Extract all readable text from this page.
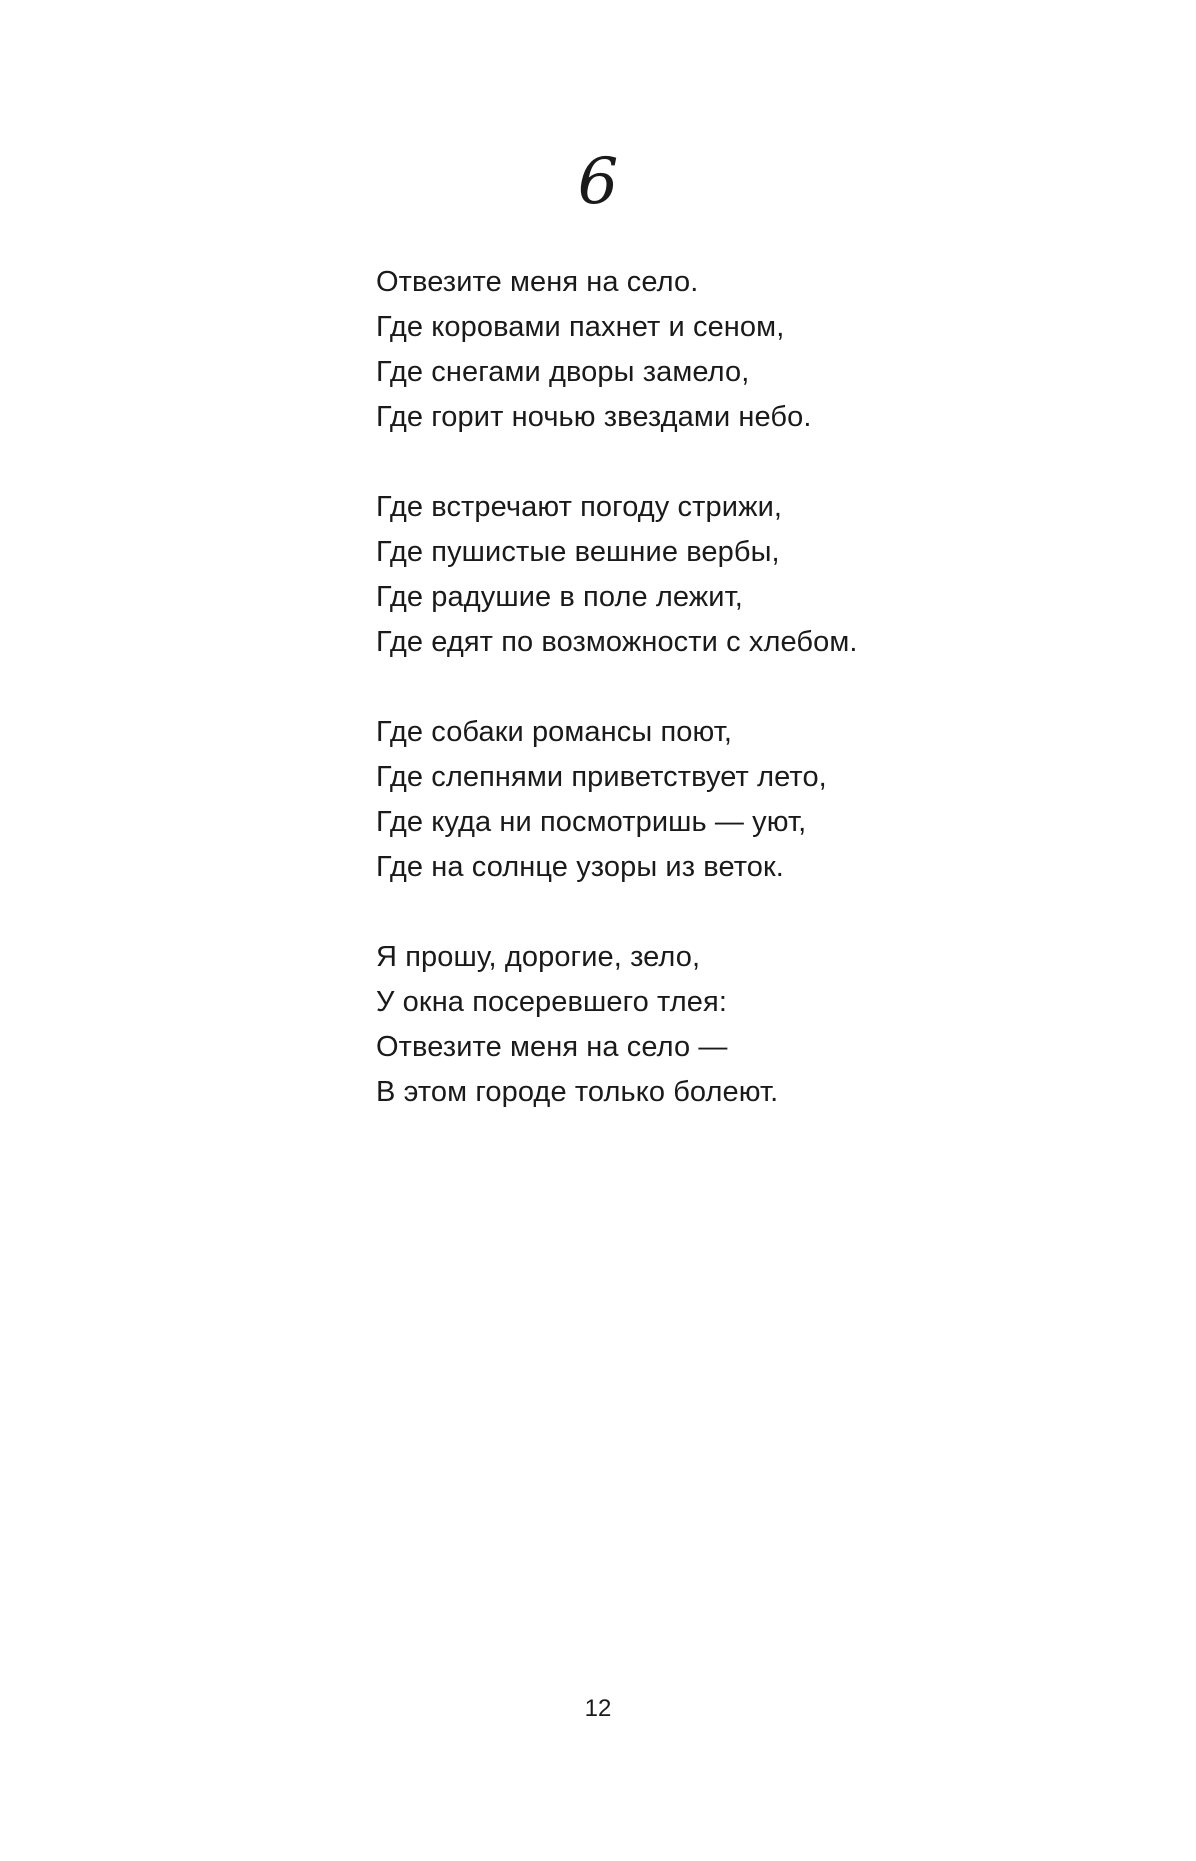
6
Отвезите меня на село.
Где коровами пахнет и сеном,
Где снегами дворы замело,
Где горит ночью звездами небо.
Где встречают погоду стрижи,
Где пушистые вешние вербы,
Где радушие в поле лежит,
Где едят по возможности с хлебом.
Где собаки романсы поют,
Где слепнями приветствует лето,
Где куда ни посмотришь — уют,
Где на солнце узоры из веток.
Я прошу, дорогие, зело,
У окна посеревшего тлея:
Отвезите меня на село —
В этом городе только болеют.
12
